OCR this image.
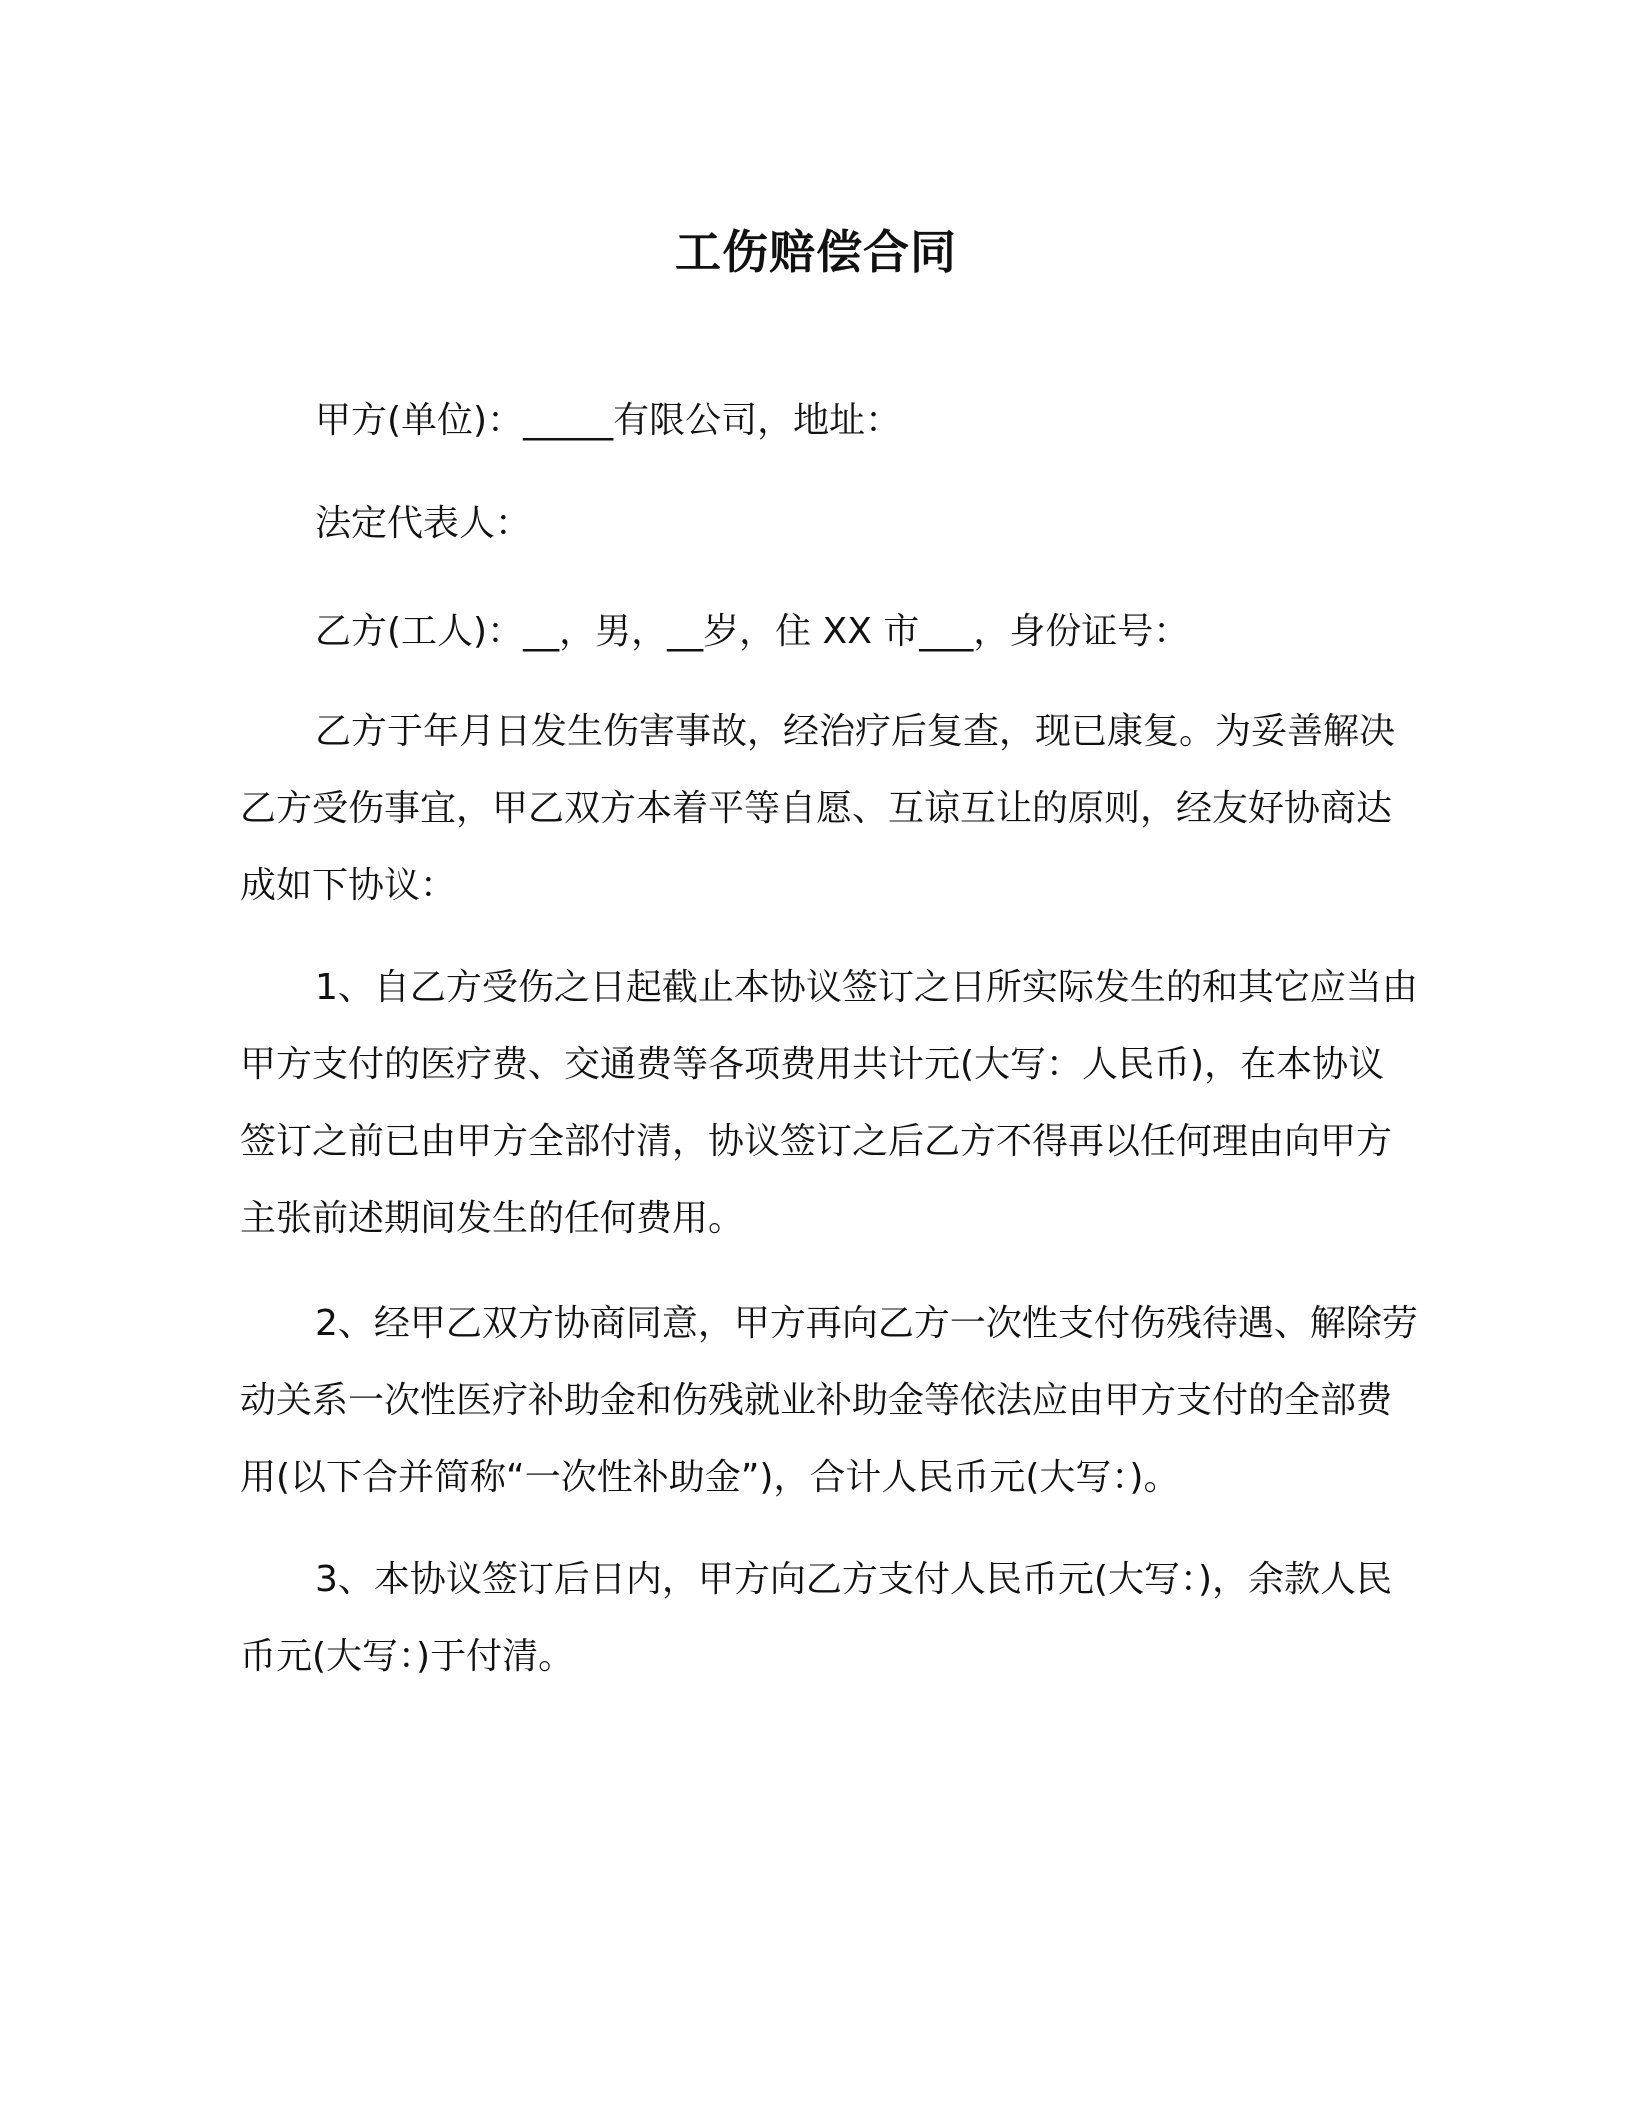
工伤赔偿合同
甲方(单位)：_____有限公司，地址：
法定代表人：
乙方(工人)：__，男，__岁，住 XX 市___，身份证号：
乙方于年月日发生伤害事故，经治疗后复查，现已康复。为妥善解决乙方受伤事宜，甲乙双方本着平等自愿、互谅互让的原则，经友好协商达成如下协议：
1、自乙方受伤之日起截止本协议签订之日所实际发生的和其它应当由甲方支付的医疗费、交通费等各项费用共计元(大写：人民币)，在本协议签订之前已由甲方全部付清，协议签订之后乙方不得再以任何理由向甲方主张前述期间发生的任何费用。
2、经甲乙双方协商同意，甲方再向乙方一次性支付伤残待遇、解除劳动关系一次性医疗补助金和伤残就业补助金等依法应由甲方支付的全部费用(以下合并简称“一次性补助金”)，合计人民币元(大写：)。
3、本协议签订后日内，甲方向乙方支付人民币元(大写：)，余款人民币元(大写：)于付清。
